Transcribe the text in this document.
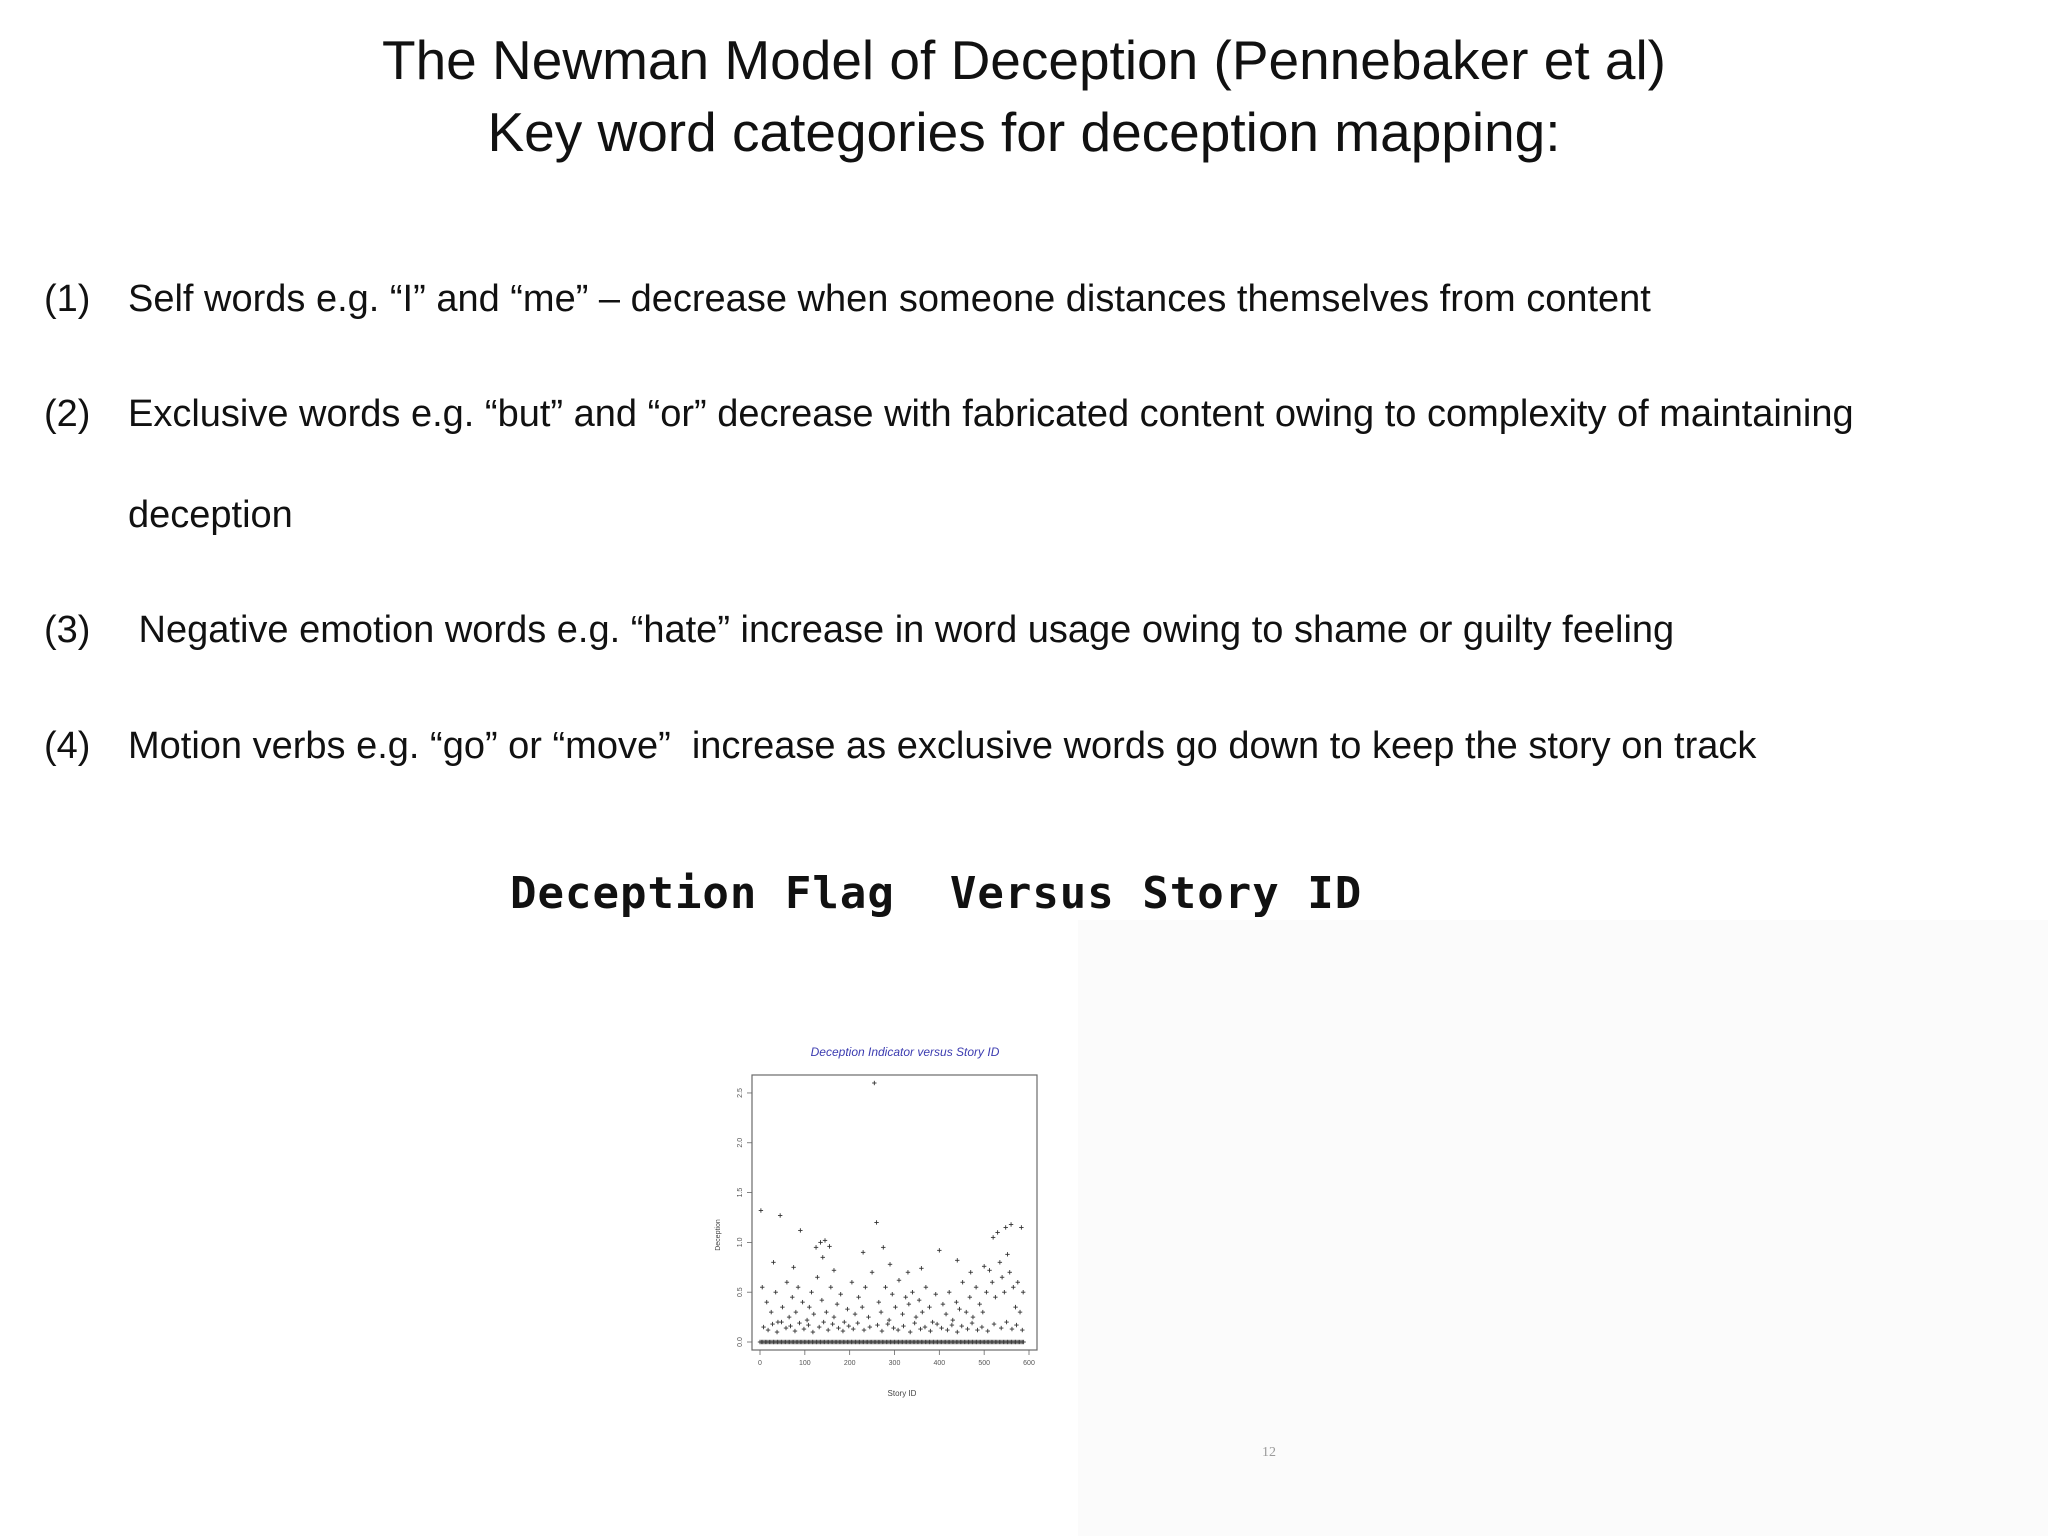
The Newman Model of Deception (Pennebaker et al)
Key word categories for deception mapping:
(1) Self words e.g. “I” and “me” – decrease when someone distances themselves from content
(2) Exclusive words e.g. “but” and “or” decrease with fabricated content owing to complexity of maintaining
deception
(3) Negative emotion words e.g. “hate” increase in word usage owing to shame or guilty feeling
(4) Motion verbs e.g. “go” or “move”  increase as exclusive words go down to keep the story on track
Deception Flag  Versus Story ID
Deception Indicator versus Story ID
0	100	200	300	400	500	600
0.0
0.5
1.0
1.5
2.0
2.5
Story ID
Deception
12
